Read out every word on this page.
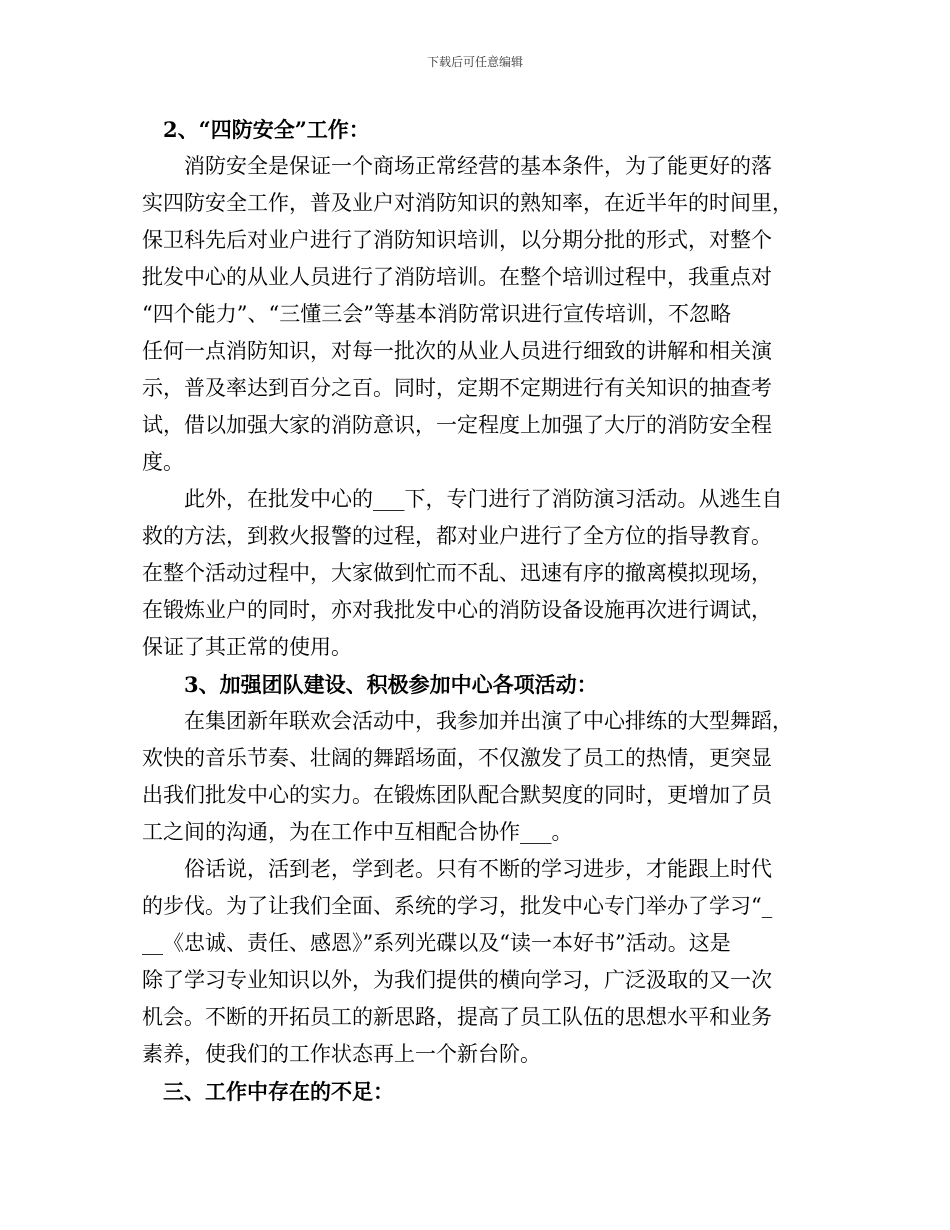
下载后可任意编辑
　2、“四防安全”工作：
　　消防安全是保证一个商场正常经营的基本条件，为了能更好的落
实四防安全工作，普及业户对消防知识的熟知率，在近半年的时间里，
保卫科先后对业户进行了消防知识培训，以分期分批的形式，对整个
批发中心的从业人员进行了消防培训。在整个培训过程中，我重点对
“四个能力”、“三懂三会”等基本消防常识进行宣传培训，不忽略
任何一点消防知识，对每一批次的从业人员进行细致的讲解和相关演
示，普及率达到百分之百。同时，定期不定期进行有关知识的抽查考
试，借以加强大家的消防意识，一定程度上加强了大厅的消防安全程
度。
　　此外，在批发中心的___下，专门进行了消防演习活动。从逃生自
救的方法，到救火报警的过程，都对业户进行了全方位的指导教育。
在整个活动过程中，大家做到忙而不乱、迅速有序的撤离模拟现场，
在锻炼业户的同时，亦对我批发中心的消防设备设施再次进行调试，
保证了其正常的使用。
　　3、加强团队建设、积极参加中心各项活动：
　　在集团新年联欢会活动中，我参加并出演了中心排练的大型舞蹈，
欢快的音乐节奏、壮阔的舞蹈场面，不仅激发了员工的热情，更突显
出我们批发中心的实力。在锻炼团队配合默契度的同时，更增加了员
工之间的沟通，为在工作中互相配合协作___。
　　俗话说，活到老，学到老。只有不断的学习进步，才能跟上时代
的步伐。为了让我们全面、系统的学习，批发中心专门举办了学习“_
__《忠诚、责任、感恩》”系列光碟以及“读一本好书”活动。这是
除了学习专业知识以外，为我们提供的横向学习，广泛汲取的又一次
机会。不断的开拓员工的新思路，提高了员工队伍的思想水平和业务
素养，使我们的工作状态再上一个新台阶。
　三、工作中存在的不足：
